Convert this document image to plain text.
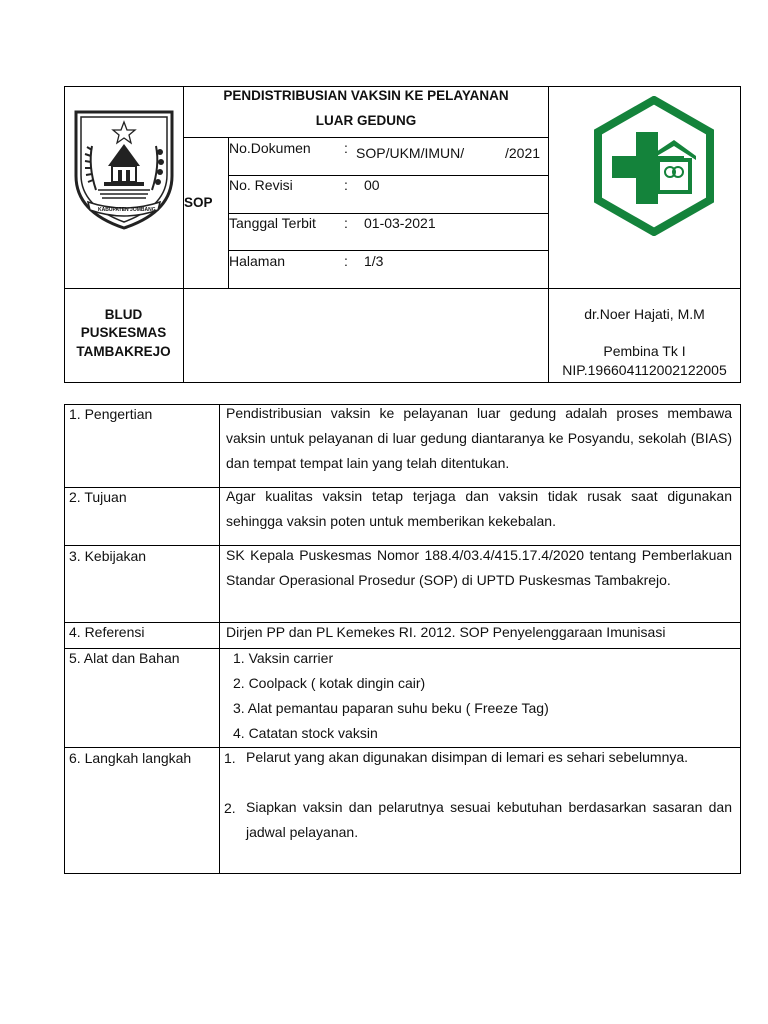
KABUPATEN JOMBANG
PENDISTRIBUSIAN VAKSIN KE PELAYANAN
LUAR GEDUNG
SOP
No.Dokumen : SOP/UKM/IMUN/	/2021
No. Revisi	: 00
Tanggal Terbit : 01-03-2021
Halaman	: 1/3
BLUD
PUSKESMAS
TAMBAKREJO
dr.Noer Hajati, M.M
Pembina Tk I
NIP.196604112002122005
1. Pengertian	Pendistribusian vaksin ke pelayanan luar gedung adalah proses membawa vaksin untuk pelayanan di luar gedung diantaranya ke Posyandu, sekolah (BIAS) dan tempat tempat lain yang telah ditentukan.
2. Tujuan	Agar kualitas vaksin tetap terjaga dan vaksin tidak rusak saat digunakan sehingga vaksin poten untuk memberikan kekebalan.
3. Kebijakan	SK Kepala Puskesmas Nomor 188.4/03.4/415.17.4/2020 tentang Pemberlakuan Standar Operasional Prosedur (SOP) di UPTD Puskesmas Tambakrejo.
4. Referensi	Dirjen PP dan PL Kemekes RI. 2012. SOP Penyelenggaraan Imunisasi
5. Alat dan Bahan	1. Vaksin carrier
2. Coolpack ( kotak dingin cair)
3. Alat pemantau paparan suhu beku ( Freeze Tag)
4. Catatan stock vaksin
6. Langkah langkah 1. Pelarut yang akan digunakan disimpan di lemari es sehari sebelumnya.
2. Siapkan vaksin dan pelarutnya sesuai kebutuhan berdasarkan sasaran dan jadwal pelayanan.
